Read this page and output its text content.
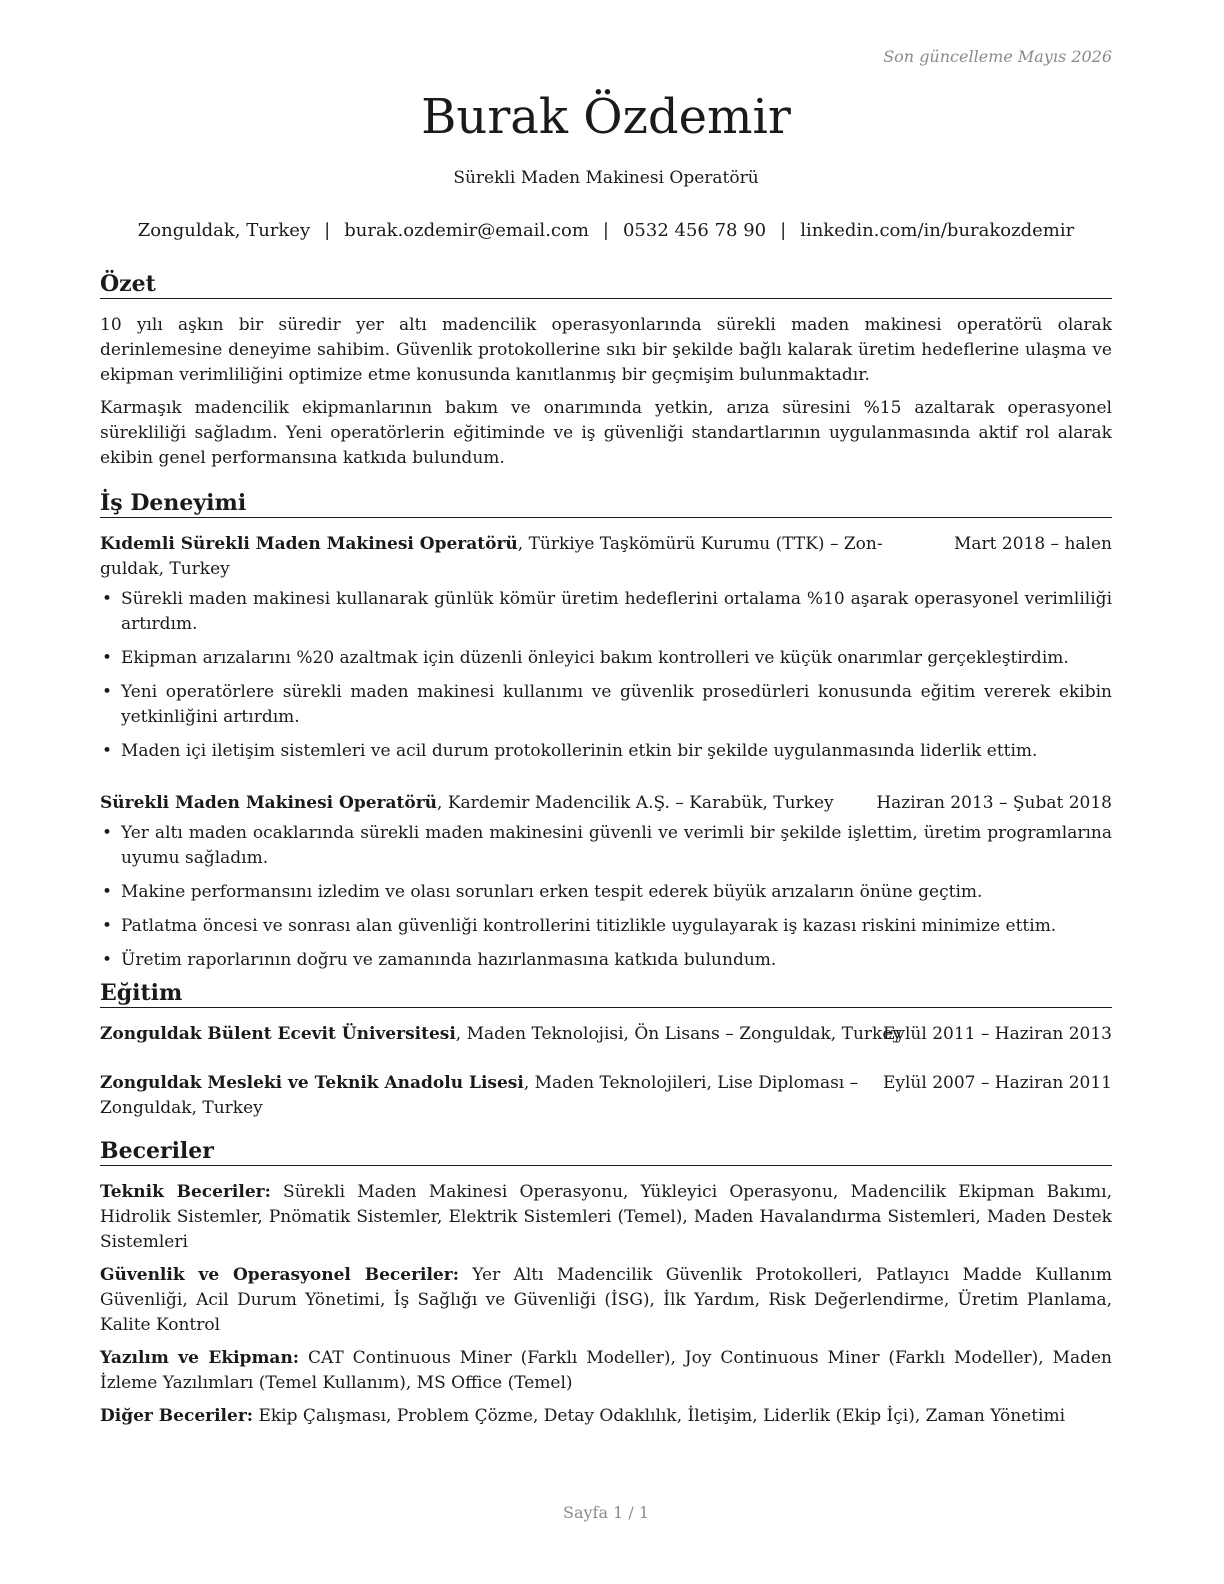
Son güncelleme Mayıs 2026
Burak Özdemir
Sürekli Maden Makinesi Operatörü
Zonguldak, Turkey | burak.ozdemir@email.com | 0532 456 78 90 | linkedin.com/in/burakozdemir
Özet

10 yılı aşkın bir süredir yer altı madencilik operasyonlarında sürekli maden makinesi operatörü olarak derinlemesine deneyime sahibim. Güvenlik protokollerine sıkı bir şekilde bağlı kalarak üretim hedeflerine ulaşma ve ekipman verimliliğini optimize etme konusunda kanıtlanmış bir geçmişim bulunmaktadır.

Karmaşık madencilik ekipmanlarının bakım ve onarımında yetkin, arıza süresini %15 azaltarak operasyonel sürekliliği sağladım. Yeni operatörlerin eğitiminde ve iş güvenliği standartlarının uygulanmasında aktif rol alarak ekibin genel performansına katkıda bulundum.

İş Deneyimi
Kıdemli Sürekli Maden Makinesi Operatörü, Türkiye Taşkömürü Kurumu (TTK) – Zon-
guldak, Turkey
Mart 2018 – halen
• Sürekli maden makinesi kullanarak günlük kömür üretim hedeflerini ortalama %10 aşarak operasyonel verimliliği artırdım.
• Ekipman arızalarını %20 azaltmak için düzenli önleyici bakım kontrolleri ve küçük onarımlar gerçekleştirdim.
• Yeni operatörlere sürekli maden makinesi kullanımı ve güvenlik prosedürleri konusunda eğitim vererek ekibin yetkinliğini artırdım.
• Maden içi iletişim sistemleri ve acil durum protokollerinin etkin bir şekilde uygulanmasında liderlik ettim.
Sürekli Maden Makinesi Operatörü, Kardemir Madencilik A.Ş. – Karabük, Turkey	Haziran 2013 – Şubat 2018
• Yer altı maden ocaklarında sürekli maden makinesini güvenli ve verimli bir şekilde işlettim, üretim programlarına uyumu sağladım.
• Makine performansını izledim ve olası sorunları erken tespit ederek büyük arızaların önüne geçtim.
• Patlatma öncesi ve sonrası alan güvenliği kontrollerini titizlikle uygulayarak iş kazası riskini minimize ettim.
• Üretim raporlarının doğru ve zamanında hazırlanmasına katkıda bulundum.
Eğitim
Zonguldak Bülent Ecevit Üniversitesi, Maden Teknolojisi, Ön Lisans – Zonguldak, Turkey
Eylül 2011 – Haziran 2013
Zonguldak Mesleki ve Teknik Anadolu Lisesi, Maden Teknolojileri, Lise Diploması –
Zonguldak, Turkey
Eylül 2007 – Haziran 2011
Beceriler

Teknik Beceriler: Sürekli Maden Makinesi Operasyonu, Yükleyici Operasyonu, Madencilik Ekipman Bakımı, Hidrolik Sistemler, Pnömatik Sistemler, Elektrik Sistemleri (Temel), Maden Havalandırma Sistemleri, Maden Destek Sistemleri

Güvenlik ve Operasyonel Beceriler: Yer Altı Madencilik Güvenlik Protokolleri, Patlayıcı Madde Kullanım Güvenliği, Acil Durum Yönetimi, İş Sağlığı ve Güvenliği (İSG), İlk Yardım, Risk Değerlendirme, Üretim Planlama, Kalite Kontrol

Yazılım ve Ekipman: CAT Continuous Miner (Farklı Modeller), Joy Continuous Miner (Farklı Modeller), Maden İzleme Yazılımları (Temel Kullanım), MS Office (Temel)

Diğer Beceriler: Ekip Çalışması, Problem Çözme, Detay Odaklılık, İletişim, Liderlik (Ekip İçi), Zaman Yönetimi

Sayfa 1 / 1
